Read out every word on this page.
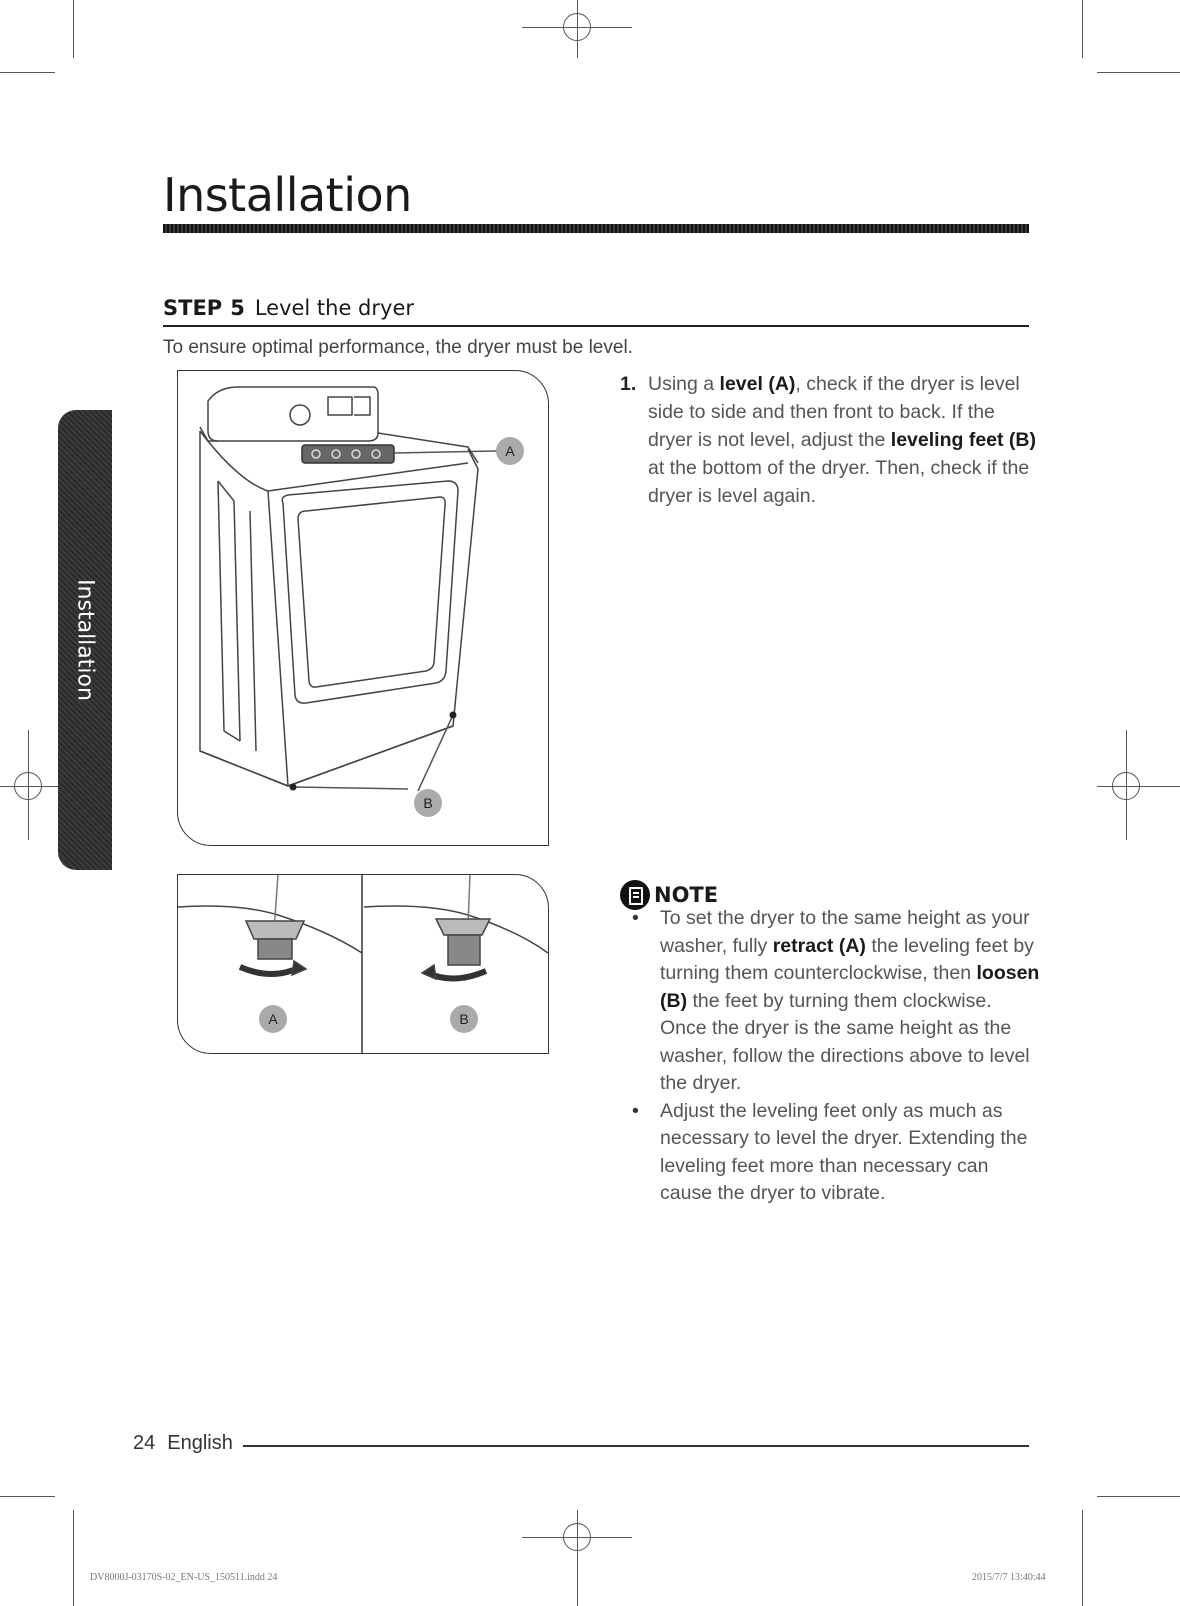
Installation
Installation
STEP 5 Level the dryer
To ensure optimal performance, the dryer must be level.
A
B
A	B
1. Using a level (A), check if the dryer is level side to side and then front to back. If the dryer is not level, adjust the leveling feet (B) at the bottom of the dryer. Then, check if the dryer is level again.
NOTE
• To set the dryer to the same height as your washer, fully retract (A) the leveling feet by turning them counterclockwise, then loosen (B) the feet by turning them clockwise. Once the dryer is the same height as the washer, follow the directions above to level the dryer.
• Adjust the leveling feet only as much as necessary to level the dryer. Extending the leveling feet more than necessary can cause the dryer to vibrate.
24 English
DV8000J-03170S-02_EN-US_150511.indd 24	2015/7/7 13:40:44
